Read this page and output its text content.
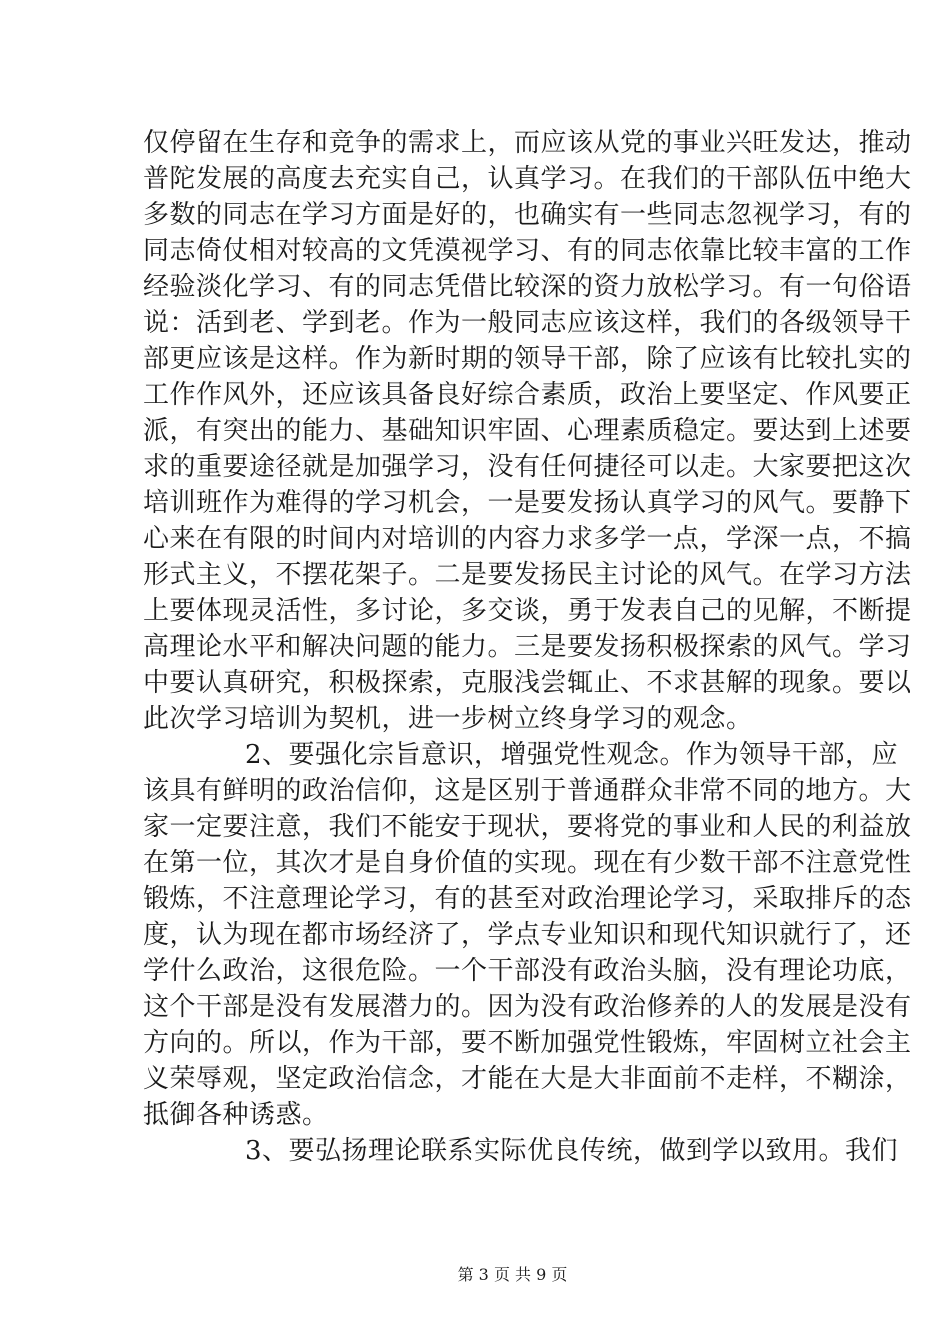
仅停留在生存和竞争的需求上，而应该从党的事业兴旺发达，推动
普陀发展的高度去充实自己，认真学习。在我们的干部队伍中绝大
多数的同志在学习方面是好的，也确实有一些同志忽视学习，有的
同志倚仗相对较高的文凭漠视学习、有的同志依靠比较丰富的工作
经验淡化学习、有的同志凭借比较深的资力放松学习。有一句俗语
说：活到老、学到老。作为一般同志应该这样，我们的各级领导干
部更应该是这样。作为新时期的领导干部，除了应该有比较扎实的
工作作风外，还应该具备良好综合素质，政治上要坚定、作风要正
派，有突出的能力、基础知识牢固、心理素质稳定。要达到上述要
求的重要途径就是加强学习，没有任何捷径可以走。大家要把这次
培训班作为难得的学习机会，一是要发扬认真学习的风气。要静下
心来在有限的时间内对培训的内容力求多学一点，学深一点，不搞
形式主义，不摆花架子。二是要发扬民主讨论的风气。在学习方法
上要体现灵活性，多讨论，多交谈，勇于发表自己的见解，不断提
高理论水平和解决问题的能力。三是要发扬积极探索的风气。学习
中要认真研究，积极探索，克服浅尝辄止、不求甚解的现象。要以
此次学习培训为契机，进一步树立终身学习的观念。
2、要强化宗旨意识，增强党性观念。作为领导干部，应
该具有鲜明的政治信仰，这是区别于普通群众非常不同的地方。大
家一定要注意，我们不能安于现状，要将党的事业和人民的利益放
在第一位，其次才是自身价值的实现。现在有少数干部不注意党性
锻炼，不注意理论学习，有的甚至对政治理论学习，采取排斥的态
度，认为现在都市场经济了，学点专业知识和现代知识就行了，还
学什么政治，这很危险。一个干部没有政治头脑，没有理论功底，
这个干部是没有发展潜力的。因为没有政治修养的人的发展是没有
方向的。所以，作为干部，要不断加强党性锻炼，牢固树立社会主
义荣辱观，坚定政治信念，才能在大是大非面前不走样，不糊涂，
抵御各种诱惑。
3、要弘扬理论联系实际优良传统，做到学以致用。我们
第 3 页 共 9 页
